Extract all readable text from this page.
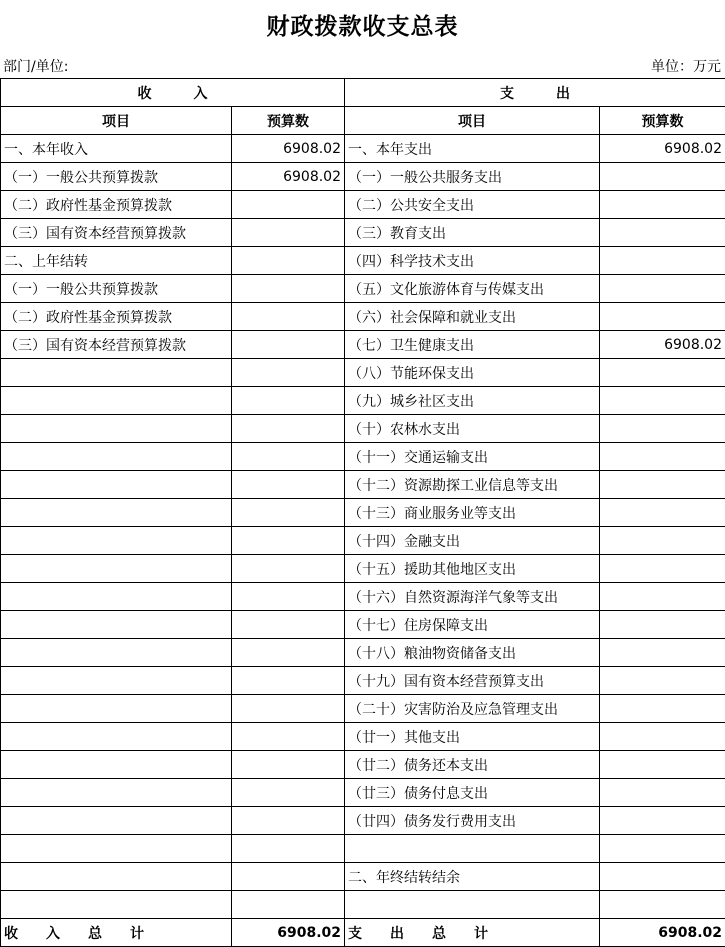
财政拨款收支总表
部门/单位:	单位：万元
收　　　入		支　　　出	
项目	预算数	项目	预算数
一、本年收入	6908.02	一、本年支出	6908.02
（一）一般公共预算拨款	6908.02	（一）一般公共服务支出	
（二）政府性基金预算拨款		（二）公共安全支出	
（三）国有资本经营预算拨款		（三）教育支出	
二、上年结转		（四）科学技术支出	
（一）一般公共预算拨款		（五）文化旅游体育与传媒支出	
（二）政府性基金预算拨款		（六）社会保障和就业支出	
（三）国有资本经营预算拨款		（七）卫生健康支出	6908.02
		（八）节能环保支出	
		（九）城乡社区支出	
		（十）农林水支出	
		（十一）交通运输支出	
		（十二）资源勘探工业信息等支出	
		（十三）商业服务业等支出	
		（十四）金融支出	
		（十五）援助其他地区支出	
		（十六）自然资源海洋气象等支出	
		（十七）住房保障支出	
		（十八）粮油物资储备支出	
		（十九）国有资本经营预算支出	
		（二十）灾害防治及应急管理支出	
		（廿一）其他支出	
		（廿二）债务还本支出	
		（廿三）债务付息支出	
		（廿四）债务发行费用支出	

		二、年终结转结余	

收　　入　　总　　计	6908.02	支　　出　　总　　计	6908.02
